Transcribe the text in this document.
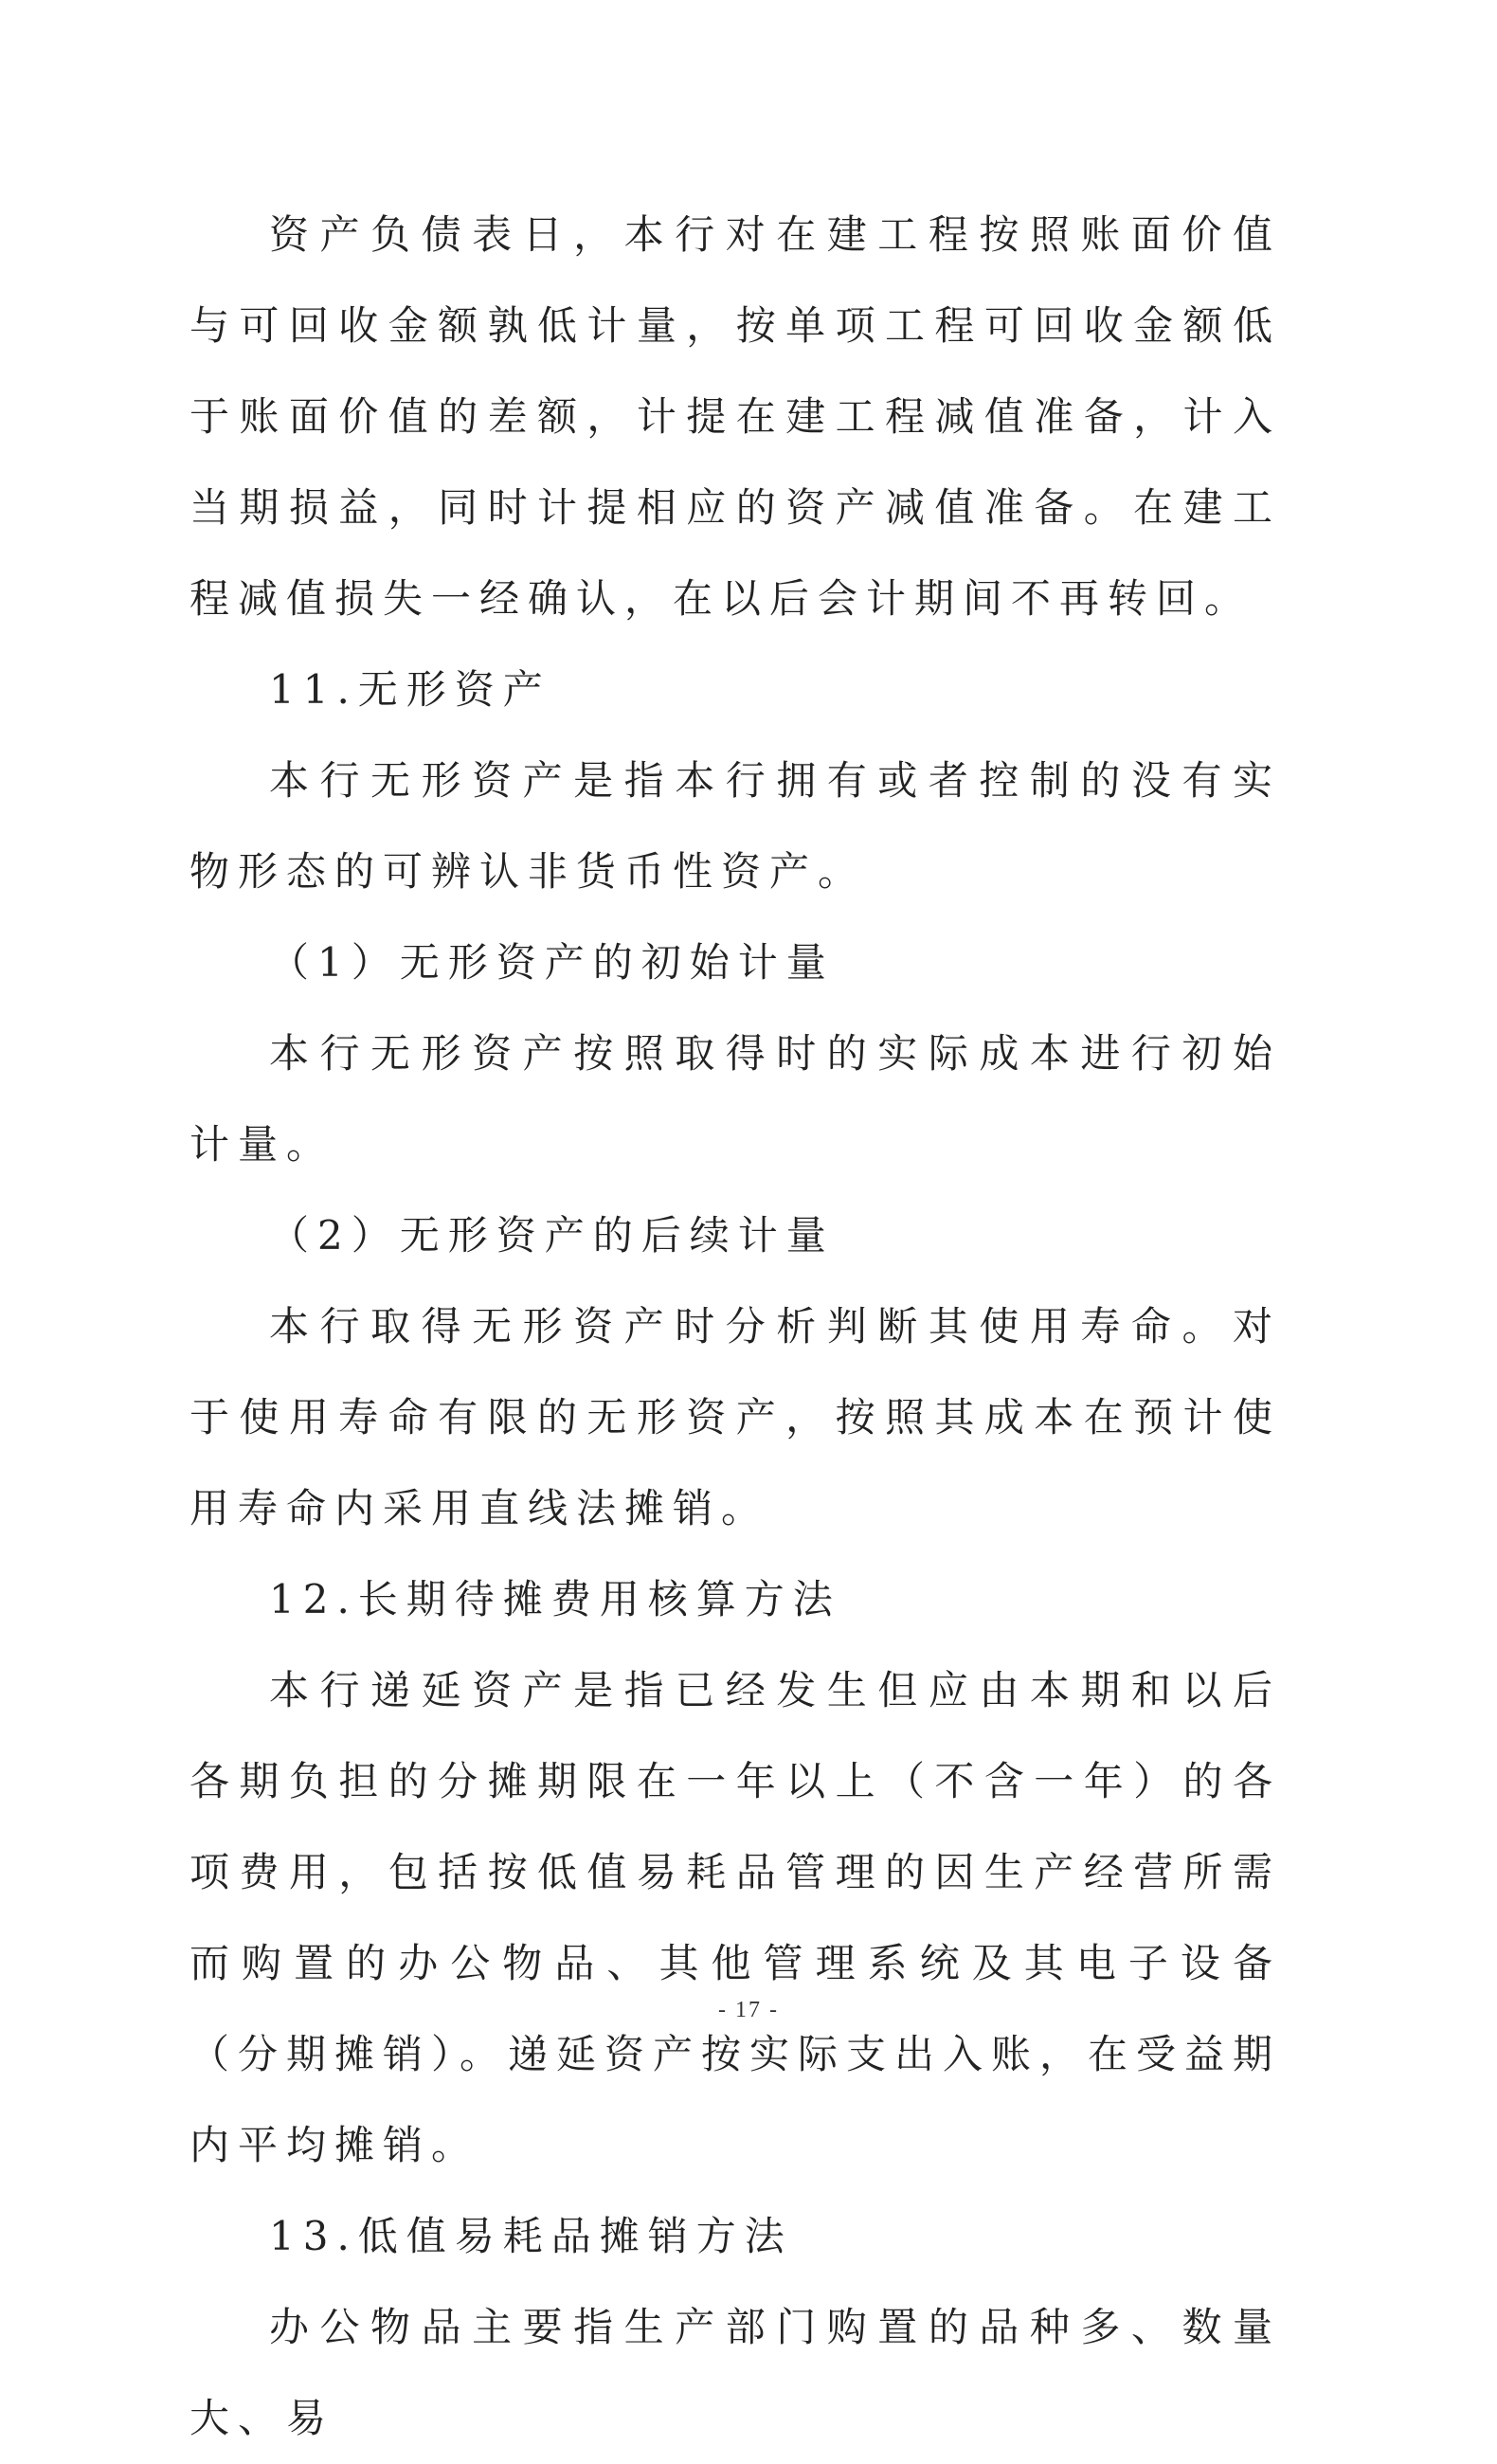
资产负债表日，本行对在建工程按照账面价值与可回收金额孰低计量，按单项工程可回收金额低于账面价值的差额，计提在建工程减值准备，计入当期损益，同时计提相应的资产减值准备。在建工程减值损失一经确认，在以后会计期间不再转回。

11.无形资产

本行无形资产是指本行拥有或者控制的没有实物形态的可辨认非货币性资产。

（1）无形资产的初始计量

本行无形资产按照取得时的实际成本进行初始计量。

（2）无形资产的后续计量

本行取得无形资产时分析判断其使用寿命。对于使用寿命有限的无形资产，按照其成本在预计使用寿命内采用直线法摊销。

12.长期待摊费用核算方法

本行递延资产是指已经发生但应由本期和以后各期负担的分摊期限在一年以上（不含一年）的各项费用，包括按低值易耗品管理的因生产经营所需而购置的办公物品、其他管理系统及其电子设备（分期摊销）。递延资产按实际支出入账，在受益期内平均摊销。

13.低值易耗品摊销方法

办公物品主要指生产部门购置的品种多、数量大、易

- 17 -
